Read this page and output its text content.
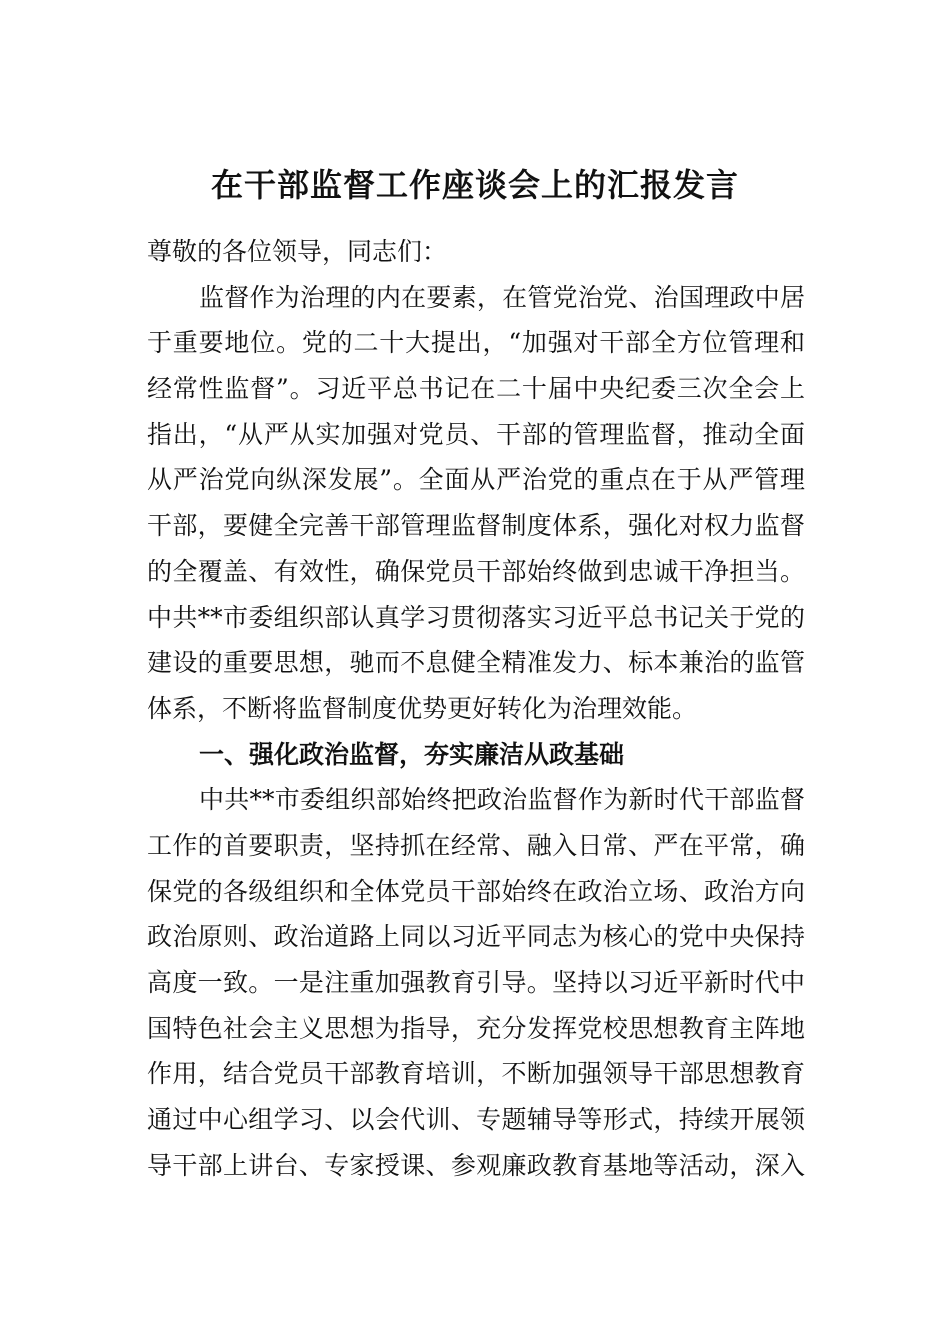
在干部监督工作座谈会上的汇报发言
尊敬的各位领导，同志们：
监督作为治理的内在要素，在管党治党、治国理政中居
于重要地位。党的二十大提出，“加强对干部全方位管理和
经常性监督”。习近平总书记在二十届中央纪委三次全会上
指出，“从严从实加强对党员、干部的管理监督，推动全面
从严治党向纵深发展”。全面从严治党的重点在于从严管理
干部，要健全完善干部管理监督制度体系，强化对权力监督
的全覆盖、有效性，确保党员干部始终做到忠诚干净担当。
中共**市委组织部认真学习贯彻落实习近平总书记关于党的
建设的重要思想，驰而不息健全精准发力、标本兼治的监管
体系，不断将监督制度优势更好转化为治理效能。
一、强化政治监督，夯实廉洁从政基础
中共**市委组织部始终把政治监督作为新时代干部监督
工作的首要职责，坚持抓在经常、融入日常、严在平常，确
保党的各级组织和全体党员干部始终在政治立场、政治方向
政治原则、政治道路上同以习近平同志为核心的党中央保持
高度一致。一是注重加强教育引导。坚持以习近平新时代中
国特色社会主义思想为指导，充分发挥党校思想教育主阵地
作用，结合党员干部教育培训，不断加强领导干部思想教育
通过中心组学习、以会代训、专题辅导等形式，持续开展领
导干部上讲台、专家授课、参观廉政教育基地等活动，深入
